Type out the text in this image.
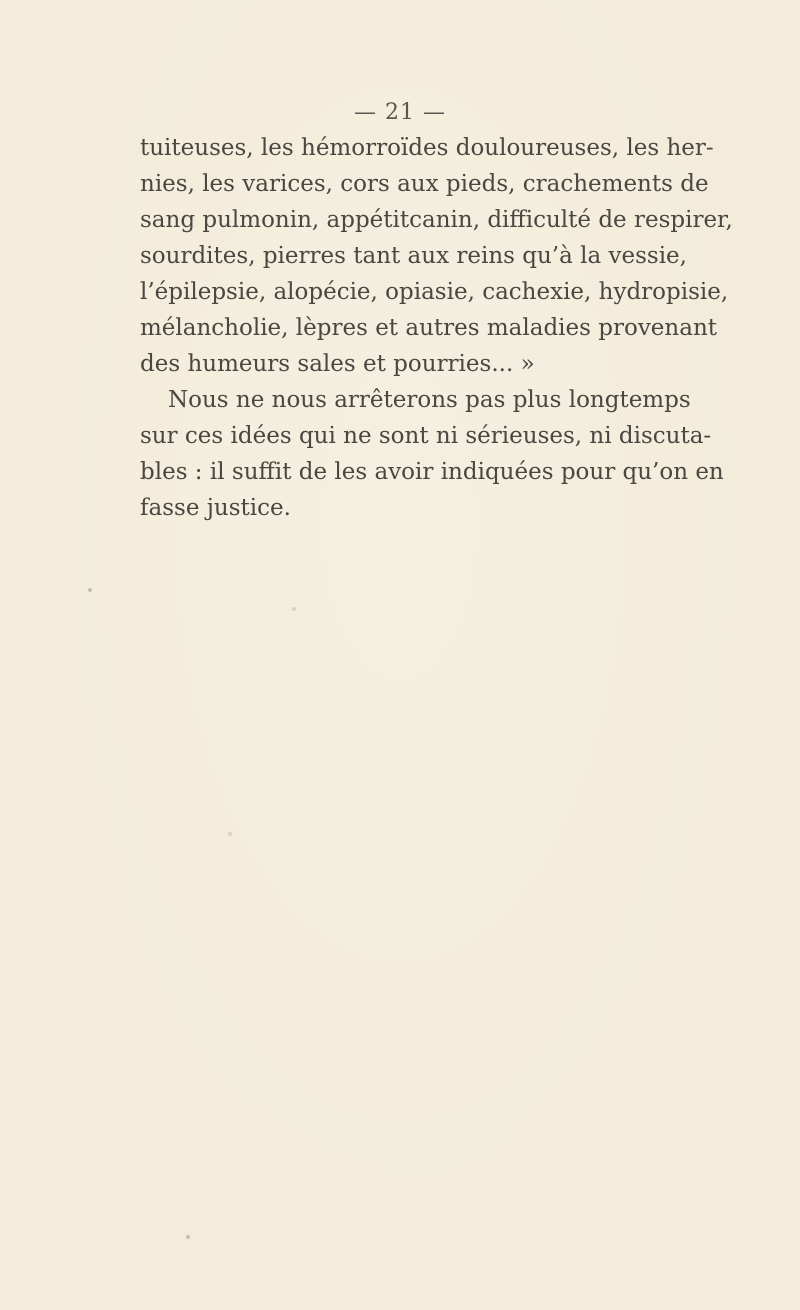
— 21 —
tuiteuses, les hémorroïdes douloureuses, les her-
nies, les varices, cors aux pieds, crachements de
sang pulmonin, appétitcanin, difficulté de respirer,
sourdites, pierres tant aux reins qu’à la vessie,
l’épilepsie, alopécie, opiasie, cachexie, hydropisie,
mélancholie, lèpres et autres maladies provenant
des humeurs sales et pourries... »
Nous ne nous arrêterons pas plus longtemps
sur ces idées qui ne sont ni sérieuses, ni discuta-
bles : il suffit de les avoir indiquées pour qu’on en
fasse justice.
